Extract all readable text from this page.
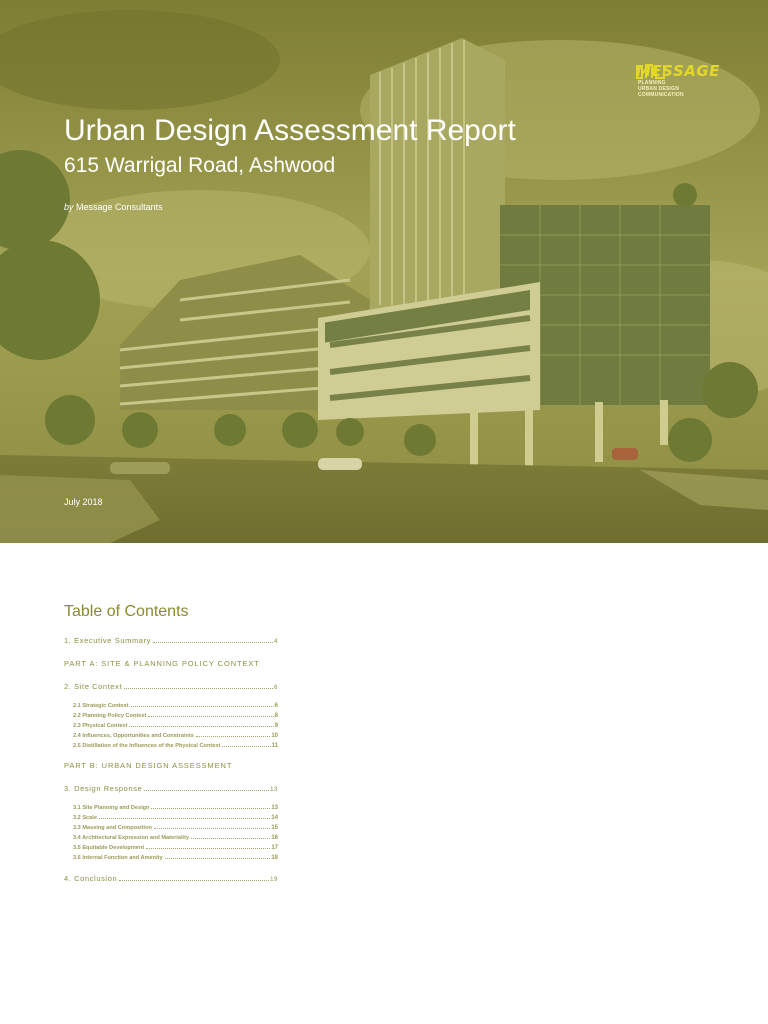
MESSAGE
PLANNING
URBAN DESIGN
COMMUNICATION
Urban Design Assessment Report
615 Warrigal Road, Ashwood
by Message Consultants
July 2018
Table of Contents
1. Executive Summary	4
PART A: SITE & PLANNING POLICY CONTEXT
2. Site Context	6
2.1 Strategic Context	6
2.2 Planning Policy Context	8
2.3 Physical Context	9
2.4 Influences, Opportunities and Constraints	10
2.5 Distillation of the Influences of the Physical Context	11
PART B: URBAN DESIGN ASSESSMENT
3. Design Response	13
3.1 Site Planning and Design	13
3.2 Scale	14
3.3 Massing and Composition	15
3.4 Architectural Expression and Materiality	16
3.5 Equitable Development	17
3.6 Internal Function and Amenity	18
4. Conclusion	19
